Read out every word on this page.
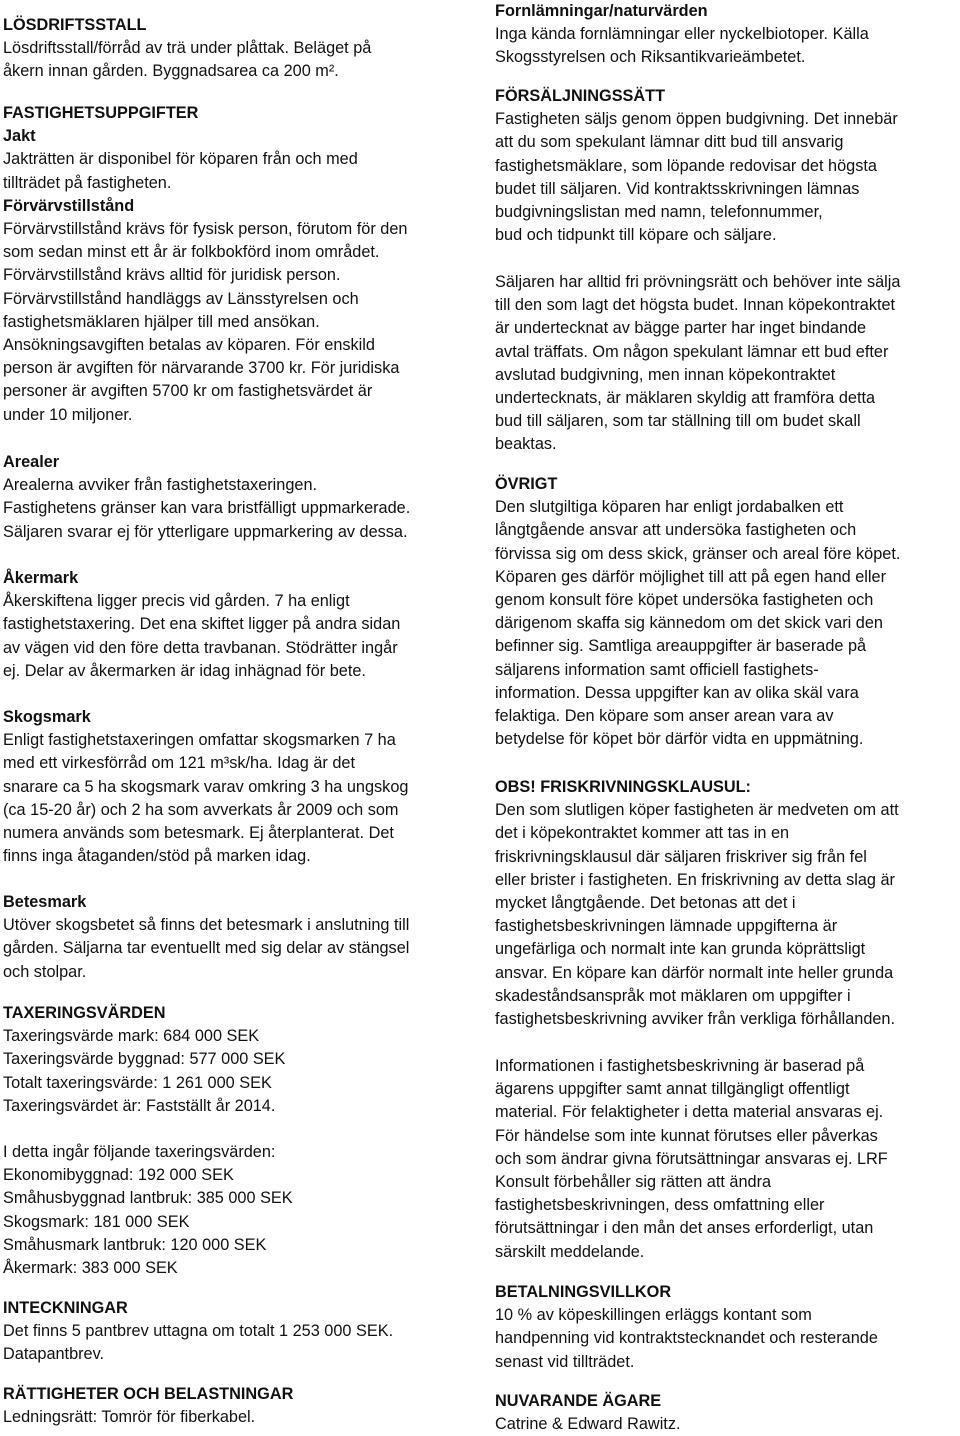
LÖSDRIFTSSTALL
Lösdriftsstall/förråd av trä under plåttak. Beläget på
åkern innan gården. Byggnadsarea ca 200 m².
FASTIGHETSUPPGIFTER
Jakt
Jakträtten är disponibel för köparen från och med
tillträdet på fastigheten.
Förvärvstillstånd
Förvärvstillstånd krävs för fysisk person, förutom för den
som sedan minst ett år är folkbokförd inom området.
Förvärvstillstånd krävs alltid för juridisk person.
Förvärvstillstånd handläggs av Länsstyrelsen och
fastighetsmäklaren hjälper till med ansökan.
Ansökningsavgiften betalas av köparen. För enskild
person är avgiften för närvarande 3700 kr. För juridiska
personer är avgiften 5700 kr om fastighetsvärdet är
under 10 miljoner.
Arealer
Arealerna avviker från fastighetstaxeringen.
Fastighetens gränser kan vara bristfälligt uppmarkerade.
Säljaren svarar ej för ytterligare uppmarkering av dessa.
Åkermark
Åkerskiftena ligger precis vid gården. 7 ha enligt
fastighetstaxering. Det ena skiftet ligger på andra sidan
av vägen vid den före detta travbanan. Stödrätter ingår
ej. Delar av åkermarken är idag inhägnad för bete.
Skogsmark
Enligt fastighetstaxeringen omfattar skogsmarken 7 ha
med ett virkesförråd om 121 m³sk/ha. Idag är det
snarare ca 5 ha skogsmark varav omkring 3 ha ungskog
(ca 15-20 år) och 2 ha som avverkats år 2009 och som
numera används som betesmark. Ej återplanterat. Det
finns inga åtaganden/stöd på marken idag.
Betesmark
Utöver skogsbetet så finns det betesmark i anslutning till
gården. Säljarna tar eventuellt med sig delar av stängsel
och stolpar.
TAXERINGSVÄRDEN
Taxeringsvärde mark: 684 000 SEK
Taxeringsvärde byggnad: 577 000 SEK
Totalt taxeringsvärde: 1 261 000 SEK
Taxeringsvärdet är: Fastställt år 2014.
I detta ingår följande taxeringsvärden:
Ekonomibyggnad: 192 000 SEK
Småhusbyggnad lantbruk: 385 000 SEK
Skogsmark: 181 000 SEK
Småhusmark lantbruk: 120 000 SEK
Åkermark: 383 000 SEK
INTECKNINGAR
Det finns 5 pantbrev uttagna om totalt 1 253 000 SEK.
Datapantbrev.
RÄTTIGHETER OCH BELASTNINGAR
Ledningsrätt: Tomrör för fiberkabel.
Fornlämningar/naturvärden
Inga kända fornlämningar eller nyckelbiotoper. Källa
Skogsstyrelsen och Riksantikvarieämbetet.
FÖRSÄLJNINGSSÄTT
Fastigheten säljs genom öppen budgivning. Det innebär
att du som spekulant lämnar ditt bud till ansvarig
fastighetsmäklare, som löpande redovisar det högsta
budet till säljaren. Vid kontraktsskrivningen lämnas
budgivningslistan med namn, telefonnummer,
bud och tidpunkt till köpare och säljare.
Säljaren har alltid fri prövningsrätt och behöver inte sälja
till den som lagt det högsta budet. Innan köpekontraktet
är undertecknat av bägge parter har inget bindande
avtal träffats. Om någon spekulant lämnar ett bud efter
avslutad budgivning, men innan köpekontraktet
undertecknats, är mäklaren skyldig att framföra detta
bud till säljaren, som tar ställning till om budet skall
beaktas.
ÖVRIGT
Den slutgiltiga köparen har enligt jordabalken ett
långtgående ansvar att undersöka fastigheten och
förvissa sig om dess skick, gränser och areal före köpet.
Köparen ges därför möjlighet till att på egen hand eller
genom konsult före köpet undersöka fastigheten och
därigenom skaffa sig kännedom om det skick vari den
befinner sig. Samtliga areauppgifter är baserade på
säljarens information samt officiell fastighets-
information. Dessa uppgifter kan av olika skäl vara
felaktiga. Den köpare som anser arean vara av
betydelse för köpet bör därför vidta en uppmätning.
OBS! FRISKRIVNINGSKLAUSUL:
Den som slutligen köper fastigheten är medveten om att
det i köpekontraktet kommer att tas in en
friskrivningsklausul där säljaren friskriver sig från fel
eller brister i fastigheten. En friskrivning av detta slag är
mycket långtgående. Det betonas att det i
fastighetsbeskrivningen lämnade uppgifterna är
ungefärliga och normalt inte kan grunda köprättsligt
ansvar. En köpare kan därför normalt inte heller grunda
skadeståndsanspråk mot mäklaren om uppgifter i
fastighetsbeskrivning avviker från verkliga förhållanden.
Informationen i fastighetsbeskrivning är baserad på
ägarens uppgifter samt annat tillgängligt offentligt
material. För felaktigheter i detta material ansvaras ej.
För händelse som inte kunnat förutses eller påverkas
och som ändrar givna förutsättningar ansvaras ej. LRF
Konsult förbehåller sig rätten att ändra
fastighetsbeskrivningen, dess omfattning eller
förutsättningar i den mån det anses erforderligt, utan
särskilt meddelande.
BETALNINGSVILLKOR
10 % av köpeskillingen erläggs kontant som
handpenning vid kontraktstecknandet och resterande
senast vid tillträdet.
NUVARANDE ÄGARE
Catrine & Edward Rawitz.
